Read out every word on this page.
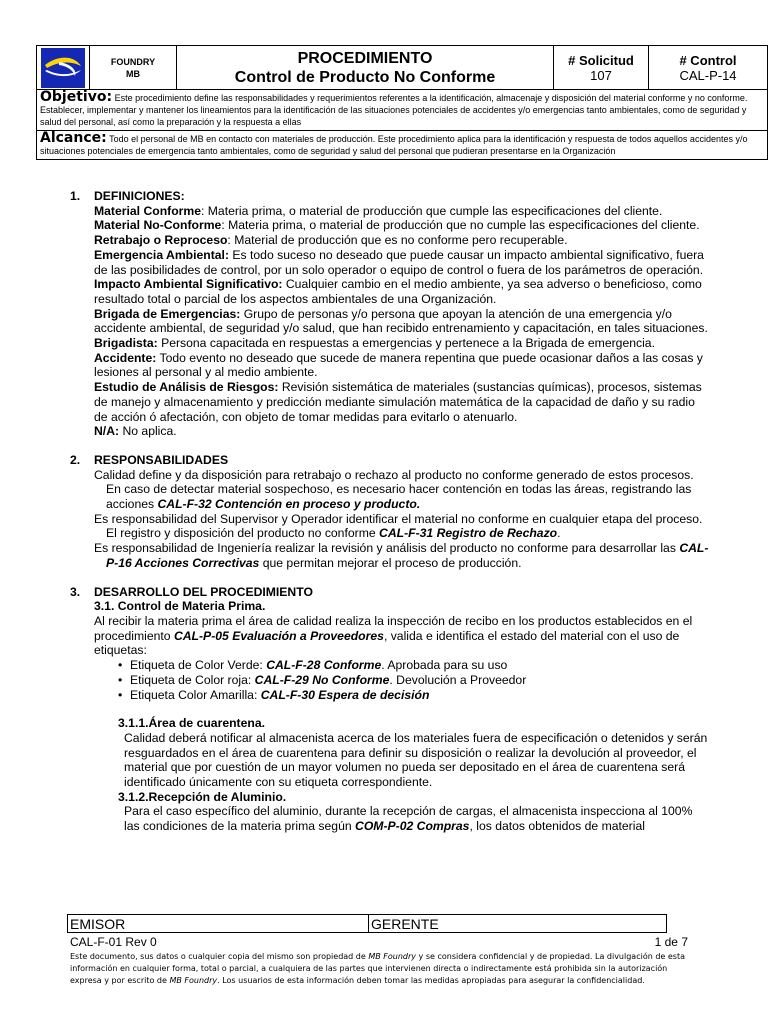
FOUNDRY
MB

PROCEDIMIENTO
Control de Producto No Conforme

# Solicitud
107

# Control
CAL-P-14

Objetivo: Este procedimiento define las responsabilidades y requerimientos referentes a la identificación, almacenaje y disposición del material conforme y no conforme. Establecer, implementar y mantener los lineamientos para la identificación de las situaciones potenciales de accidentes y/o emergencias tanto ambientales, como de seguridad y salud del personal, así como la preparación y la respuesta a ellas
Alcance: Todo el personal de MB en contacto con materiales de producción. Este procedimiento aplica para la identificación y respuesta de todos aquellos accidentes y/o situaciones potenciales de emergencia tanto ambientales, como de seguridad y salud del personal que pudieran presentarse en la Organización
1.	DEFINICIONES:

Material Conforme: Materia prima, o material de producción que cumple las especificaciones del cliente.

Material No-Conforme: Materia prima, o material de producción que no cumple las especificaciones del cliente.

Retrabajo o Reproceso: Material de producción que es no conforme pero recuperable.

Emergencia Ambiental: Es todo suceso no deseado que puede causar un impacto ambiental significativo, fuera de las posibilidades de control, por un solo operador o equipo de control o fuera de los parámetros de operación.

Impacto Ambiental Significativo: Cualquier cambio en el medio ambiente, ya sea adverso o beneficioso, como resultado total o parcial de los aspectos ambientales de una Organización.

Brigada de Emergencias: Grupo de personas y/o persona que apoyan la atención de una emergencia y/o accidente ambiental, de seguridad y/o salud, que han recibido entrenamiento y capacitación, en tales situaciones.

Brigadista: Persona capacitada en respuestas a emergencias y pertenece a la Brigada de emergencia.

Accidente: Todo evento no deseado que sucede de manera repentina que puede ocasionar daños a las cosas y lesiones al personal y al medio ambiente.

Estudio de Análisis de Riesgos: Revisión sistemática de materiales (sustancias químicas), procesos, sistemas de manejo y almacenamiento y predicción mediante simulación matemática de la capacidad de daño y su radio de acción ó afectación, con objeto de tomar medidas para evitarlo o atenuarlo.

N/A: No aplica.

2.	RESPONSABILIDADES

Calidad define y da disposición para retrabajo o rechazo al producto no conforme generado de estos procesos. En caso de detectar material sospechoso, es necesario hacer contención en todas las áreas, registrando las acciones CAL-F-32 Contención en proceso y producto.

Es responsabilidad del Supervisor y Operador identificar el material no conforme en cualquier etapa del proceso. El registro y disposición del producto no conforme CAL-F-31 Registro de Rechazo.

Es responsabilidad de Ingeniería realizar la revisión y análisis del producto no conforme para desarrollar las CAL-P-16 Acciones Correctivas que permitan mejorar el proceso de producción.

3.	DESARROLLO DEL PROCEDIMIENTO

3.1. Control de Materia Prima.

Al recibir la materia prima el área de calidad realiza la inspección de recibo en los productos establecidos en el procedimiento CAL-P-05 Evaluación a Proveedores, valida e identifica el estado del material con el uso de etiquetas:

• Etiqueta de Color Verde: CAL-F-28 Conforme. Aprobada para su uso
• Etiqueta de Color roja: CAL-F-29 No Conforme. Devolución a Proveedor
• Etiqueta Color Amarilla: CAL-F-30 Espera de decisión

3.1.1.Área de cuarentena.

Calidad deberá notificar al almacenista acerca de los materiales fuera de especificación o detenidos y serán resguardados en el área de cuarentena para definir su disposición o realizar la devolución al proveedor, el material que por cuestión de un mayor volumen no pueda ser depositado en el área de cuarentena será identificado únicamente con su etiqueta correspondiente.

3.1.2.Recepción de Aluminio.

Para el caso específico del aluminio, durante la recepción de cargas, el almacenista inspecciona al 100% las condiciones de la materia prima según COM-P-02 Compras, los datos obtenidos de material

EMISOR	GERENTE
CAL-F-01 Rev 0	1 de 7
Este documento, sus datos o cualquier copia del mismo son propiedad de MB Foundry y se considera confidencial y de propiedad. La divulgación de esta información en cualquier forma, total o parcial, a cualquiera de las partes que intervienen directa o indirectamente está prohibida sin la autorización expresa y por escrito de MB Foundry. Los usuarios de esta información deben tomar las medidas apropiadas para asegurar la confidencialidad.
